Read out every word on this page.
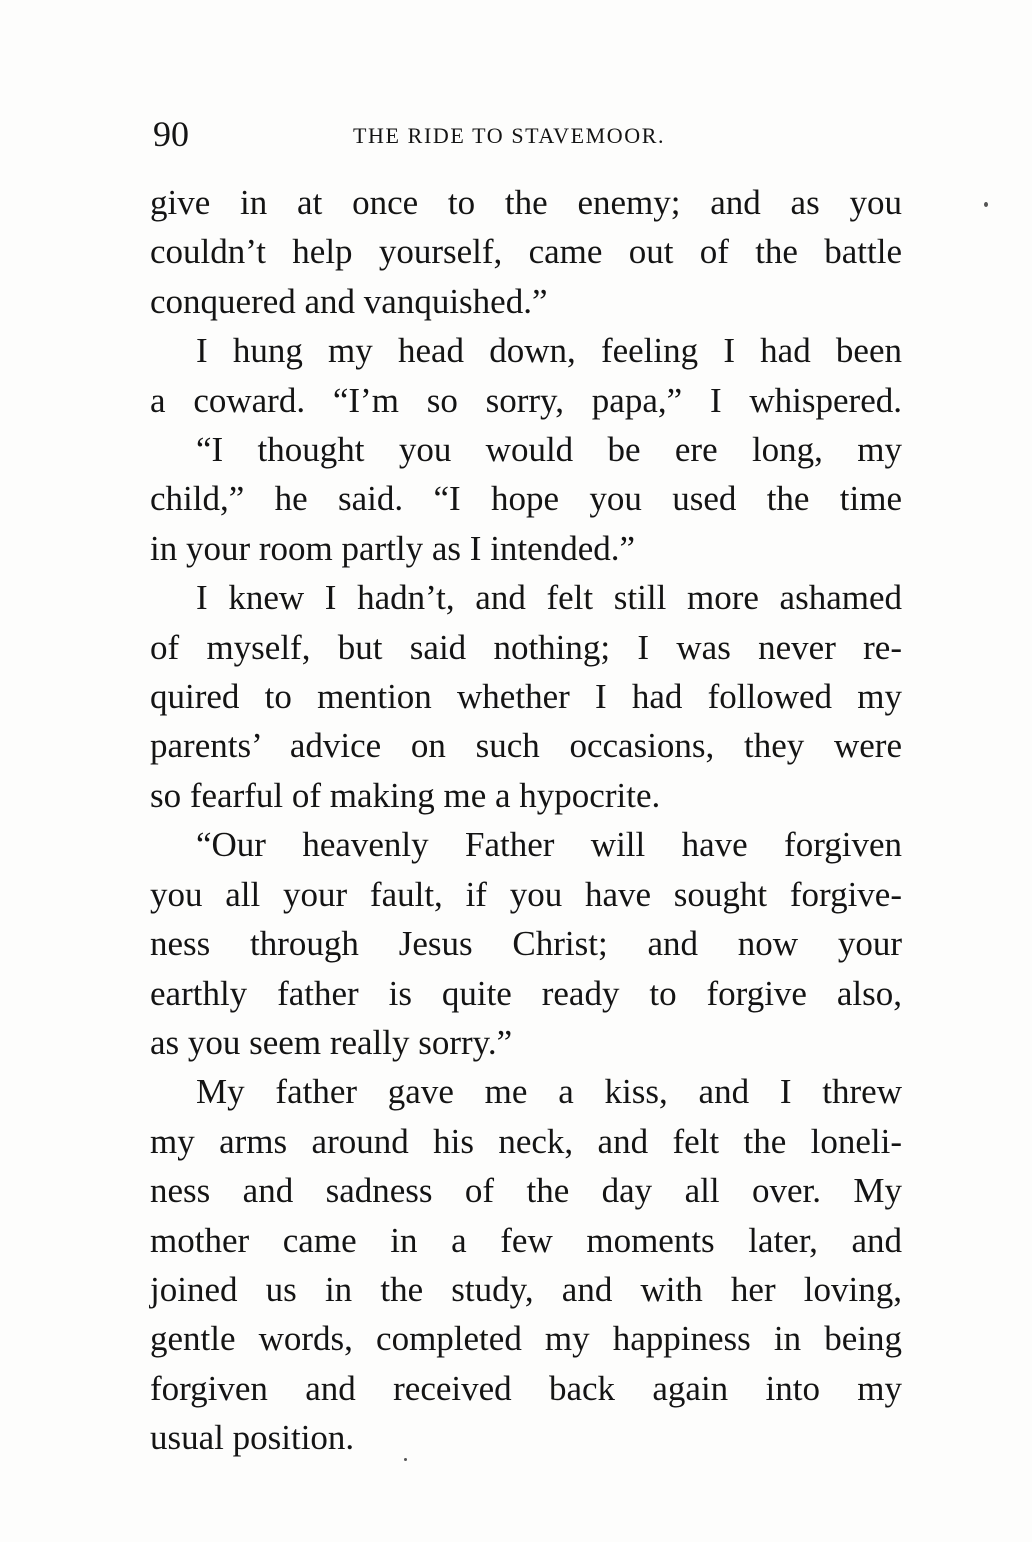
90	THE RIDE TO STAVEMOOR.

give in at once to the enemy; and as you
couldn’t help yourself, came out of the battle
conquered and vanquished.”

I hung my head down, feeling I had been
a coward. “I’m so sorry, papa,” I whispered.

“I thought you would be ere long, my
child,” he said. “I hope you used the time
in your room partly as I intended.”

I knew I hadn’t, and felt still more ashamed
of myself, but said nothing; I was never re-
quired to mention whether I had followed my
parents’ advice on such occasions, they were
so fearful of making me a hypocrite.

“Our heavenly Father will have forgiven
you all your fault, if you have sought forgive-
ness through Jesus Christ; and now your
earthly father is quite ready to forgive also,
as you seem really sorry.”

My father gave me a kiss, and I threw
my arms around his neck, and felt the loneli-
ness and sadness of the day all over. My
mother came in a few moments later, and
joined us in the study, and with her loving,
gentle words, completed my happiness in being
forgiven and received back again into my
usual position.
